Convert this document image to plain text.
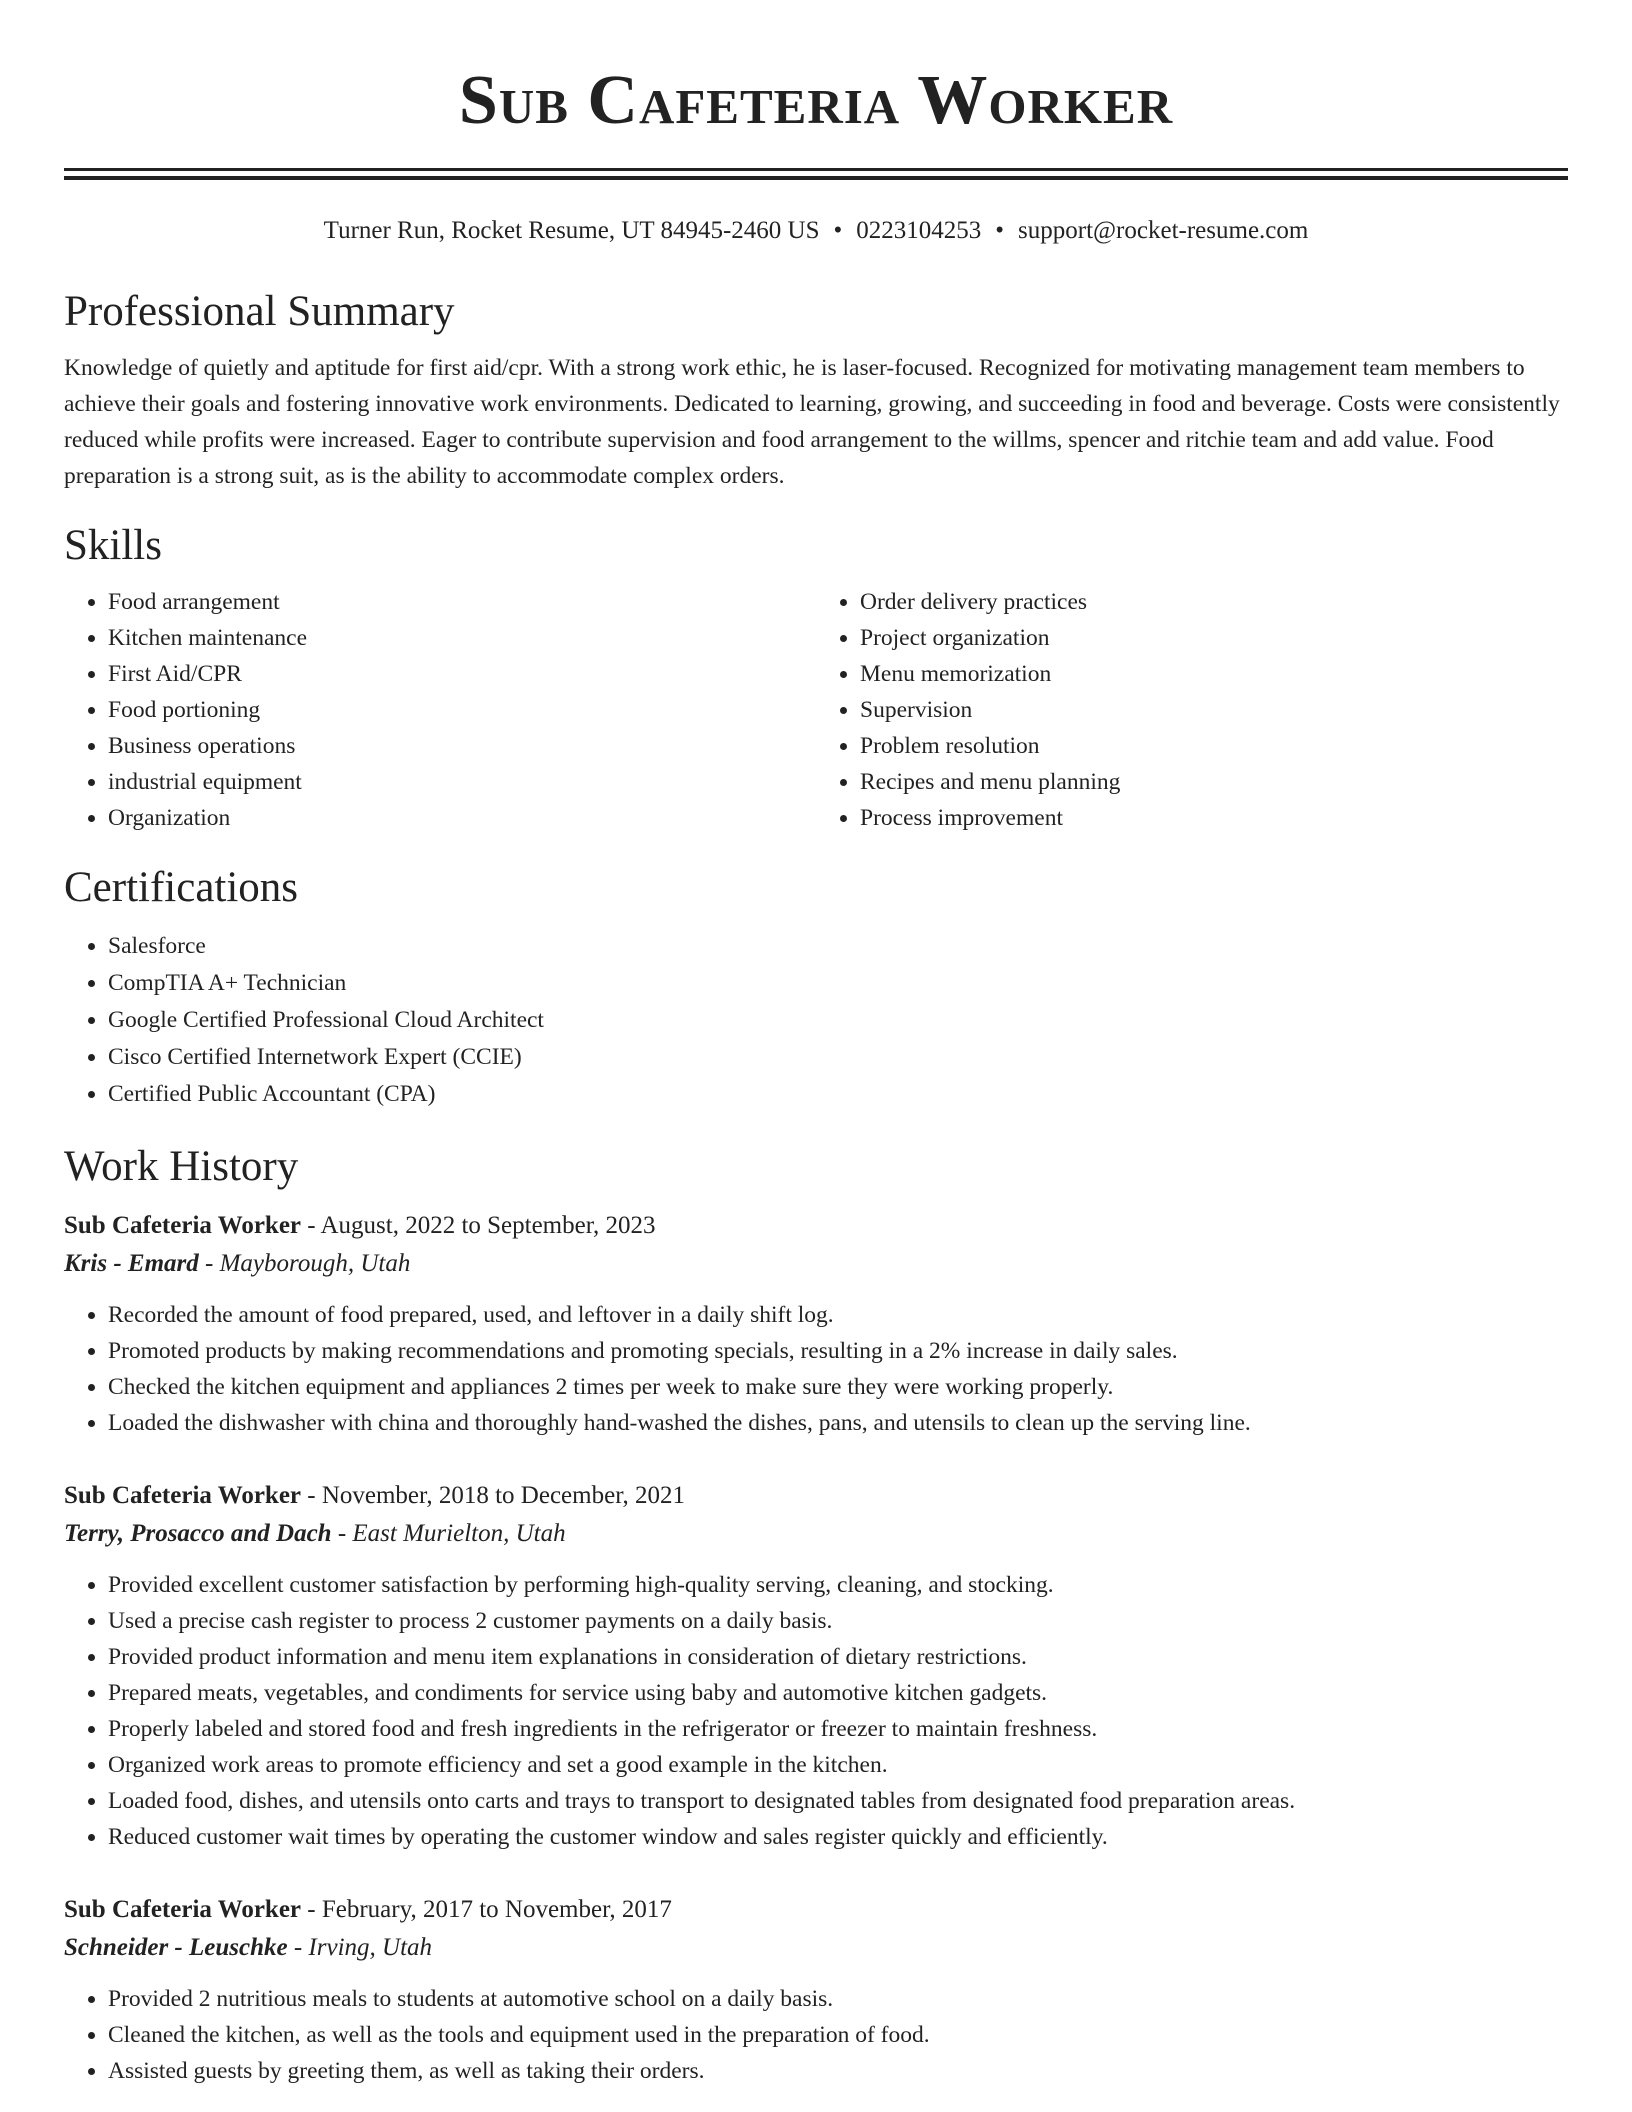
Sub Cafeteria Worker
Turner Run, Rocket Resume, UT 84945-2460 US • 0223104253 • support@rocket-resume.com
Professional Summary

Knowledge of quietly and aptitude for first aid/cpr. With a strong work ethic, he is laser-focused. Recognized for motivating management team members to achieve their goals and fostering innovative work environments. Dedicated to learning, growing, and succeeding in food and beverage. Costs were consistently reduced while profits were increased. Eager to contribute supervision and food arrangement to the willms, spencer and ritchie team and add value. Food preparation is a strong suit, as is the ability to accommodate complex orders.

Skills
• Food arrangement
• Kitchen maintenance
• First Aid/CPR
• Food portioning
• Business operations
• industrial equipment
• Organization
• Order delivery practices
• Project organization
• Menu memorization
• Supervision
• Problem resolution
• Recipes and menu planning
• Process improvement
Certifications
• Salesforce
• CompTIA A+ Technician
• Google Certified Professional Cloud Architect
• Cisco Certified Internetwork Expert (CCIE)
• Certified Public Accountant (CPA)
Work History
Sub Cafeteria Worker - August, 2022 to September, 2023
Kris - Emard - Mayborough, Utah
• Recorded the amount of food prepared, used, and leftover in a daily shift log.
• Promoted products by making recommendations and promoting specials, resulting in a 2% increase in daily sales.
• Checked the kitchen equipment and appliances 2 times per week to make sure they were working properly.
• Loaded the dishwasher with china and thoroughly hand-washed the dishes, pans, and utensils to clean up the serving line.
Sub Cafeteria Worker - November, 2018 to December, 2021
Terry, Prosacco and Dach - East Murielton, Utah
• Provided excellent customer satisfaction by performing high-quality serving, cleaning, and stocking.
• Used a precise cash register to process 2 customer payments on a daily basis.
• Provided product information and menu item explanations in consideration of dietary restrictions.
• Prepared meats, vegetables, and condiments for service using baby and automotive kitchen gadgets.
• Properly labeled and stored food and fresh ingredients in the refrigerator or freezer to maintain freshness.
• Organized work areas to promote efficiency and set a good example in the kitchen.
• Loaded food, dishes, and utensils onto carts and trays to transport to designated tables from designated food preparation areas.
• Reduced customer wait times by operating the customer window and sales register quickly and efficiently.
Sub Cafeteria Worker - February, 2017 to November, 2017
Schneider - Leuschke - Irving, Utah
• Provided 2 nutritious meals to students at automotive school on a daily basis.
• Cleaned the kitchen, as well as the tools and equipment used in the preparation of food.
• Assisted guests by greeting them, as well as taking their orders.
